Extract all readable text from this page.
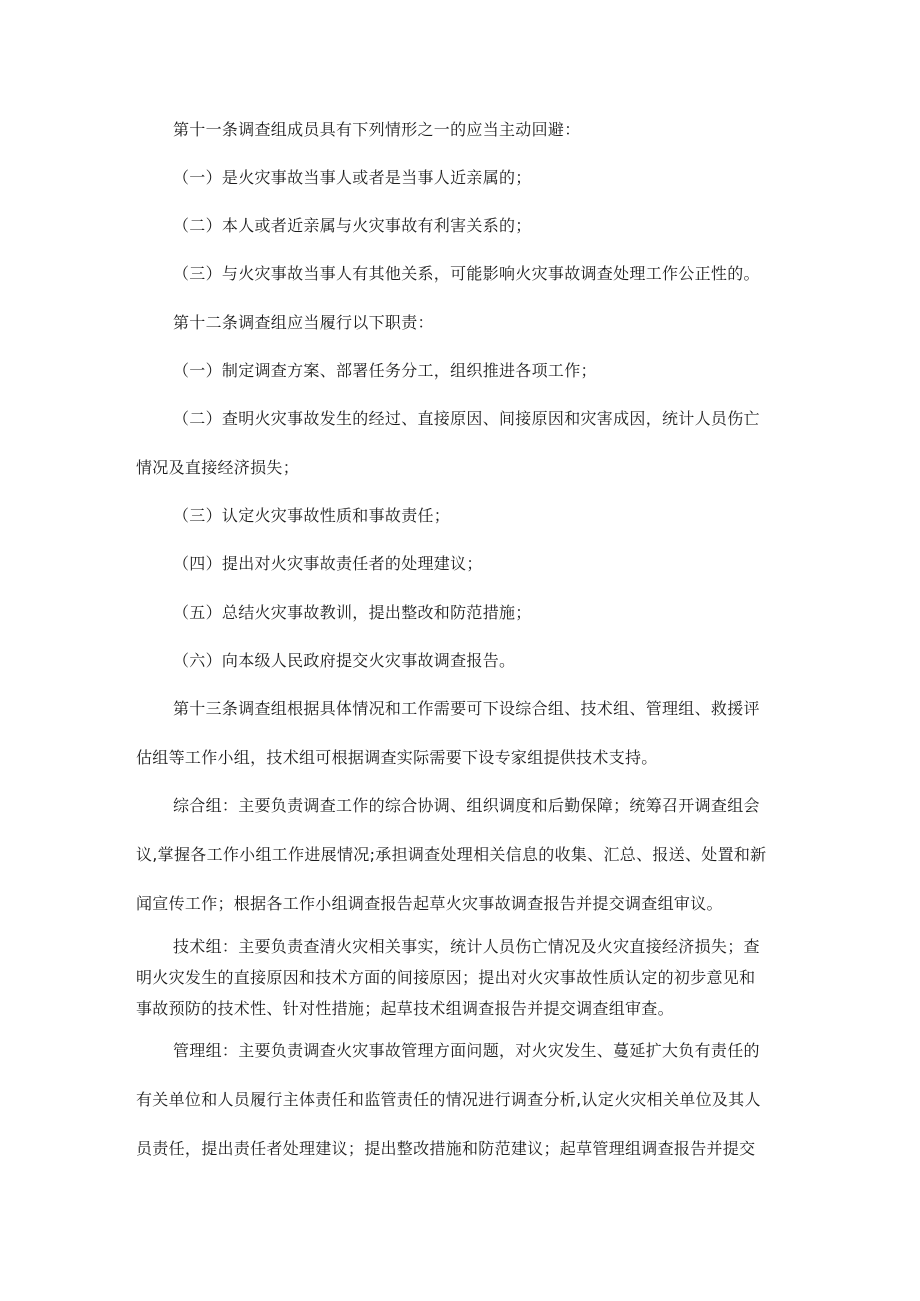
第十一条调查组成员具有下列情形之一的应当主动回避：
（一）是火灾事故当事人或者是当事人近亲属的；
（二）本人或者近亲属与火灾事故有利害关系的；
（三）与火灾事故当事人有其他关系，可能影响火灾事故调查处理工作公正性的。
第十二条调查组应当履行以下职责：
（一）制定调查方案、部署任务分工，组织推进各项工作；
（二）查明火灾事故发生的经过、直接原因、间接原因和灾害成因，统计人员伤亡
情况及直接经济损失；
（三）认定火灾事故性质和事故责任；
（四）提出对火灾事故责任者的处理建议；
（五）总结火灾事故教训，提出整改和防范措施；
（六）向本级人民政府提交火灾事故调查报告。
第十三条调查组根据具体情况和工作需要可下设综合组、技术组、管理组、救援评
估组等工作小组，技术组可根据调查实际需要下设专家组提供技术支持。
综合组：主要负责调查工作的综合协调、组织调度和后勤保障；统筹召开调查组会
议,掌握各工作小组工作进展情况;承担调查处理相关信息的收集、汇总、报送、处置和新
闻宣传工作；根据各工作小组调查报告起草火灾事故调查报告并提交调查组审议。
技术组：主要负责查清火灾相关事实，统计人员伤亡情况及火灾直接经济损失；查
明火灾发生的直接原因和技术方面的间接原因；提出对火灾事故性质认定的初步意见和
事故预防的技术性、针对性措施；起草技术组调查报告并提交调查组审查。
管理组：主要负责调查火灾事故管理方面问题，对火灾发生、蔓延扩大负有责任的
有关单位和人员履行主体责任和监管责任的情况进行调查分析,认定火灾相关单位及其人
员责任，提出责任者处理建议；提出整改措施和防范建议；起草管理组调查报告并提交
